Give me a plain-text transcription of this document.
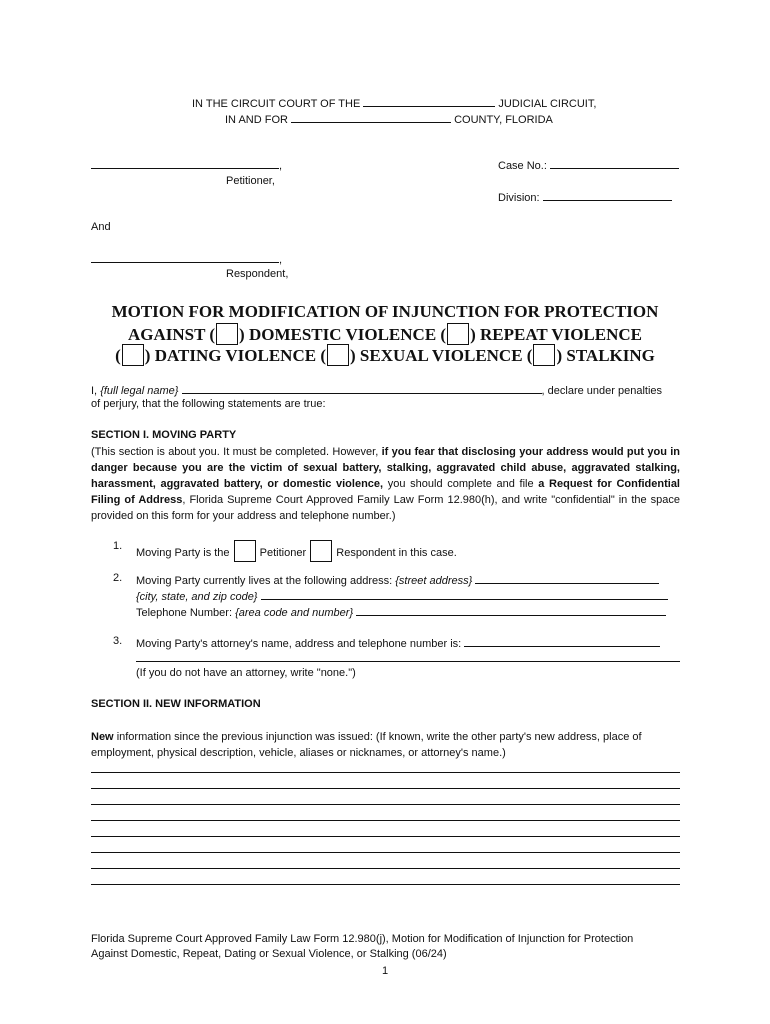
IN THE CIRCUIT COURT OF THE	JUDICIAL CIRCUIT,
IN AND FOR	COUNTY, FLORIDA
,
Petitioner,
Case No.:
Division:
And
,
Respondent,
MOTION FOR MODIFICATION OF INJUNCTION FOR PROTECTION
AGAINST ( ) DOMESTIC VIOLENCE ( ) REPEAT VIOLENCE
( ) DATING VIOLENCE ( ) SEXUAL VIOLENCE ( ) STALKING
I, {full legal name}	, declare under penalties
of perjury, that the following statements are true:
SECTION I. MOVING PARTY
(This section is about you. It must be completed. However, if you fear that disclosing your address would put you in danger because you are the victim of sexual battery, stalking, aggravated child abuse, aggravated stalking, harassment, aggravated battery, or domestic violence, you should complete and file a Request for Confidential Filing of Address, Florida Supreme Court Approved Family Law Form 12.980(h), and write "confidential" in the space provided on this form for your address and telephone number.)
1.
Moving Party is the	Petitioner	Respondent in this case.
2. Moving Party currently lives at the following address: {street address}
{city, state, and zip code}
Telephone Number: {area code and number}
3. Moving Party's attorney's name, address and telephone number is:
(If you do not have an attorney, write "none.")
SECTION II. NEW INFORMATION
New information since the previous injunction was issued: (If known, write the other party's new address, place of employment, physical description, vehicle, aliases or nicknames, or attorney's name.)
Florida Supreme Court Approved Family Law Form 12.980(j), Motion for Modification of Injunction for Protection
Against Domestic, Repeat, Dating or Sexual Violence, or Stalking (06/24)
1
